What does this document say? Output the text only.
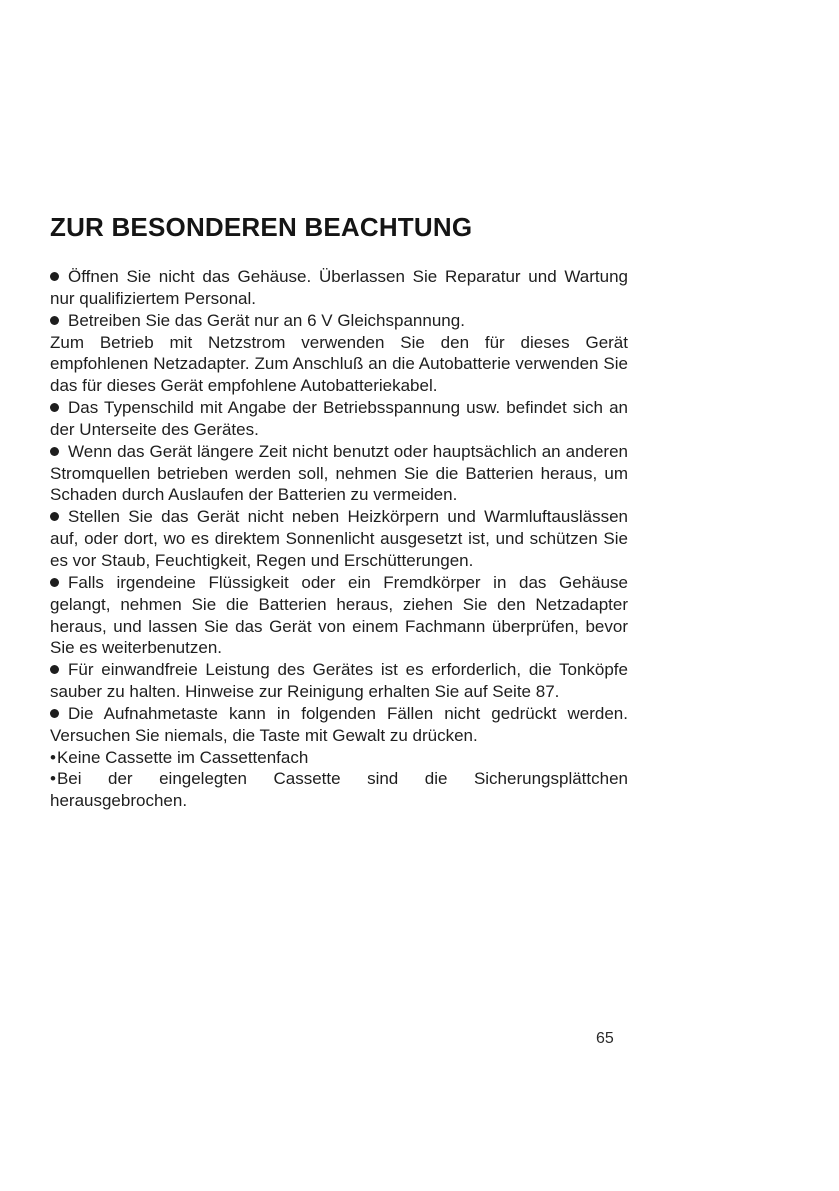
ZUR BESONDEREN BEACHTUNG

Öffnen Sie nicht das Gehäuse. Überlassen Sie Reparatur und Wartung nur qualifiziertem Personal.

Betreiben Sie das Gerät nur an 6 V Gleichspannung.

Zum Betrieb mit Netzstrom verwenden Sie den für dieses Gerät empfohlenen Netzadapter. Zum Anschluß an die Autobatterie verwenden Sie das für dieses Gerät empfohlene Autobatteriekabel.

Das Typenschild mit Angabe der Betriebsspannung usw. befindet sich an der Unterseite des Gerätes.

Wenn das Gerät längere Zeit nicht benutzt oder hauptsächlich an anderen Stromquellen betrieben werden soll, nehmen Sie die Batterien heraus, um Schaden durch Auslaufen der Batterien zu vermeiden.

Stellen Sie das Gerät nicht neben Heizkörpern und Warmluftauslässen auf, oder dort, wo es direktem Sonnenlicht ausgesetzt ist, und schützen Sie es vor Staub, Feuchtigkeit, Regen und Erschütterungen.

Falls irgendeine Flüssigkeit oder ein Fremdkörper in das Gehäuse gelangt, nehmen Sie die Batterien heraus, ziehen Sie den Netzadapter heraus, und lassen Sie das Gerät von einem Fachmann überprüfen, bevor Sie es weiterbenutzen.

Für einwandfreie Leistung des Gerätes ist es erforderlich, die Tonköpfe sauber zu halten. Hinweise zur Reinigung erhalten Sie auf Seite 87.

Die Aufnahmetaste kann in folgenden Fällen nicht gedrückt werden. Versuchen Sie niemals, die Taste mit Gewalt zu drücken.

•Keine Cassette im Cassettenfach

•Bei der eingelegten Cassette sind die Sicherungsplättchen herausgebrochen.

65
